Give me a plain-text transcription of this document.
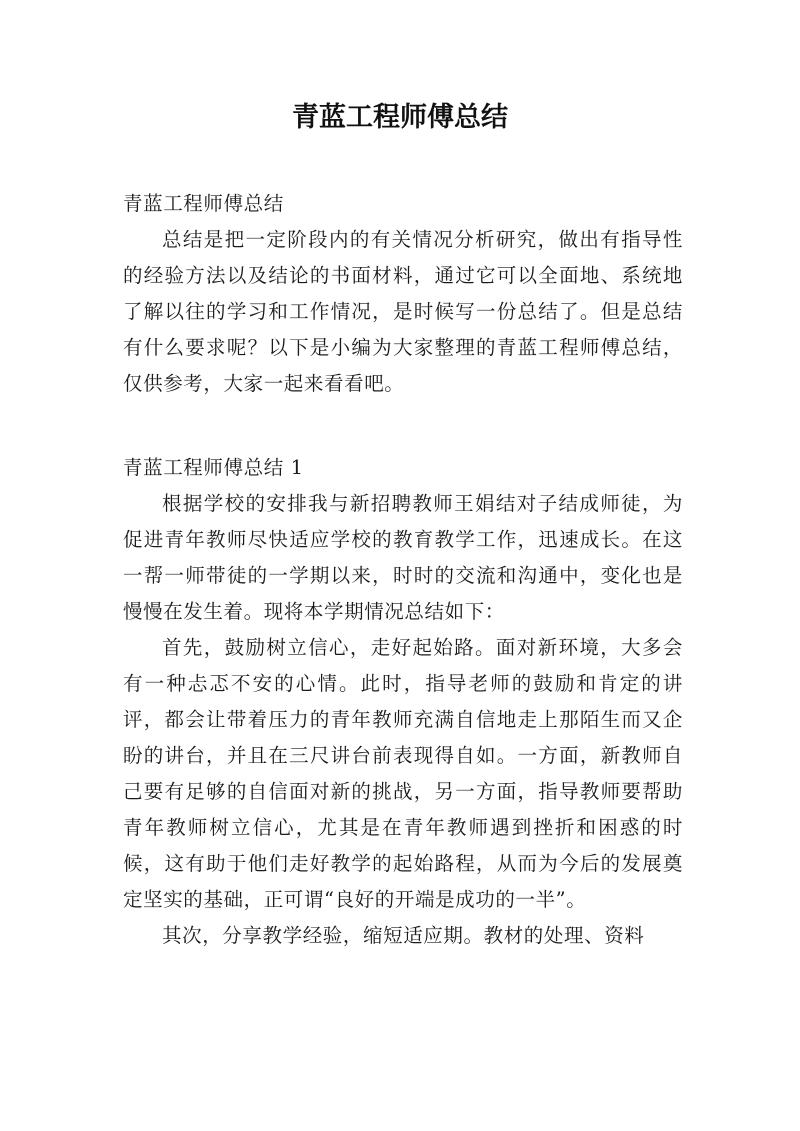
青蓝工程师傅总结

青蓝工程师傅总结

总结是把一定阶段内的有关情况分析研究，做出有指导性的经验方法以及结论的书面材料，通过它可以全面地、系统地了解以往的学习和工作情况，是时候写一份总结了。但是总结有什么要求呢？以下是小编为大家整理的青蓝工程师傅总结，仅供参考，大家一起来看看吧。

青蓝工程师傅总结 1

根据学校的安排我与新招聘教师王娟结对子结成师徒，为促进青年教师尽快适应学校的教育教学工作，迅速成长。在这一帮一师带徒的一学期以来，时时的交流和沟通中，变化也是慢慢在发生着。现将本学期情况总结如下：

首先，鼓励树立信心，走好起始路。面对新环境，大多会有一种忐忑不安的心情。此时，指导老师的鼓励和肯定的讲评，都会让带着压力的青年教师充满自信地走上那陌生而又企盼的讲台，并且在三尺讲台前表现得自如。一方面，新教师自己要有足够的自信面对新的挑战，另一方面，指导教师要帮助青年教师树立信心，尤其是在青年教师遇到挫折和困惑的时候，这有助于他们走好教学的起始路程，从而为今后的发展奠定坚实的基础，正可谓“良好的开端是成功的一半”。

其次，分享教学经验，缩短适应期。教材的处理、资料
